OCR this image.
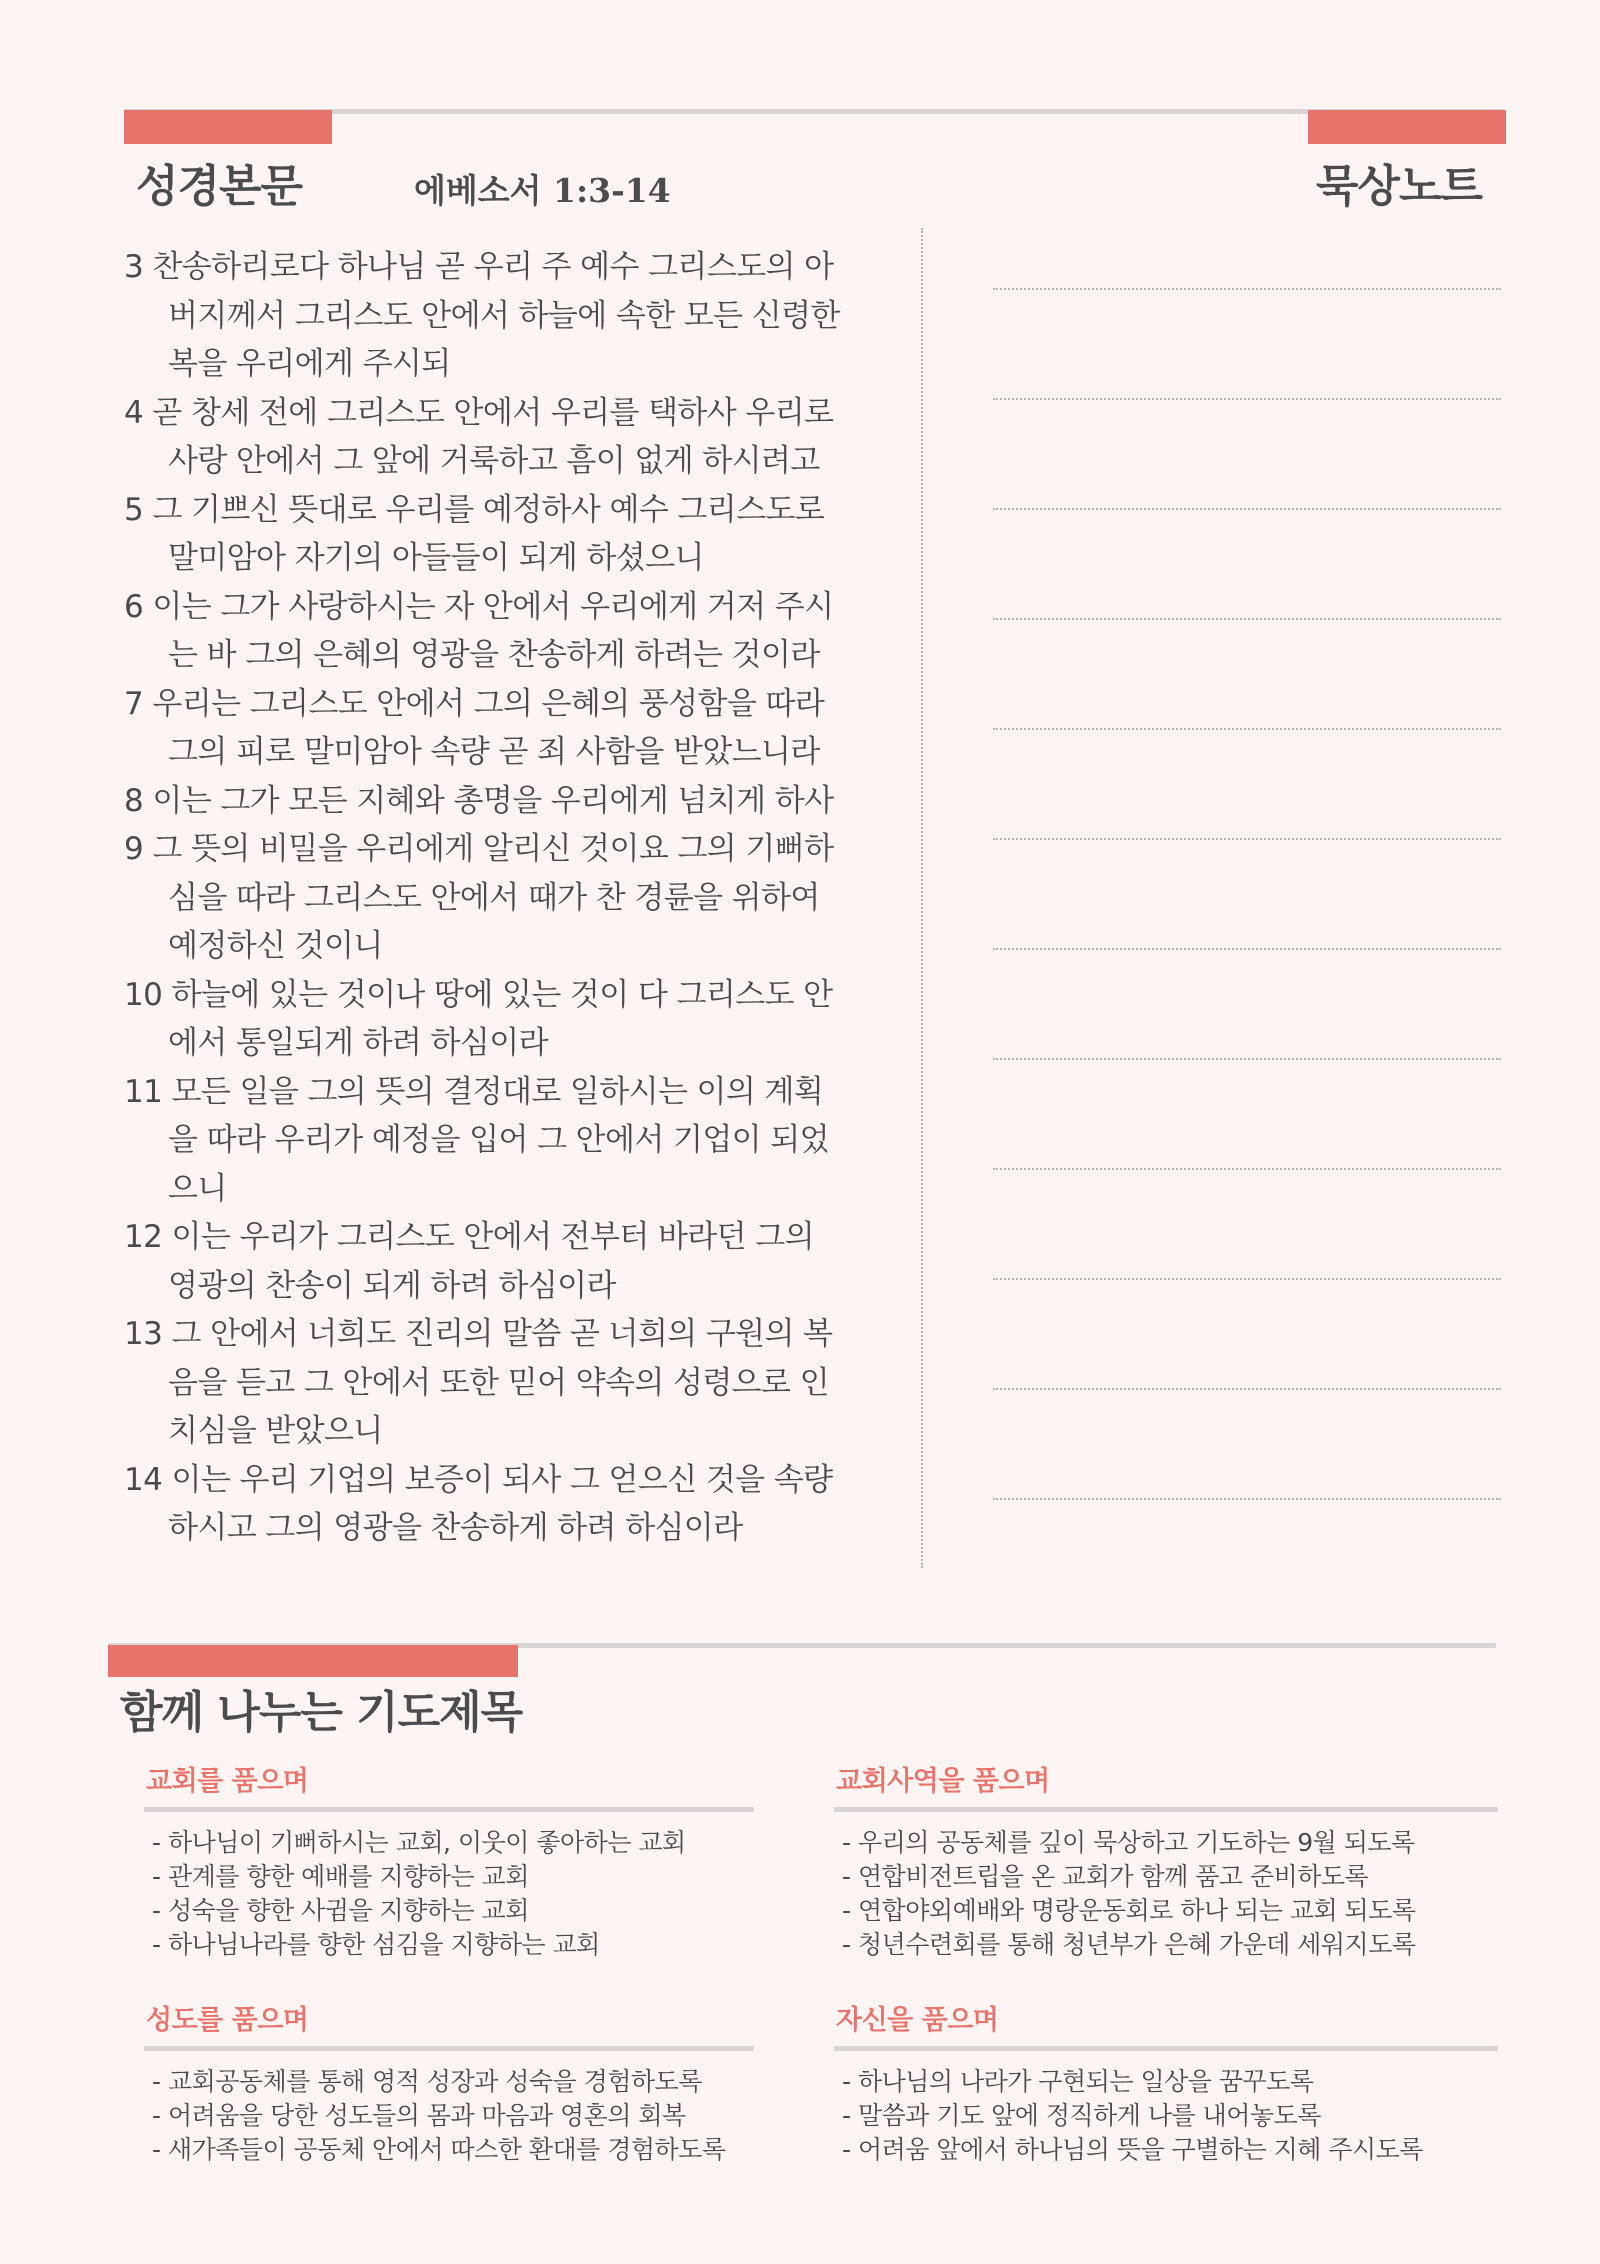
성경본문	에베소서 1:3-14	묵상노트
3 찬송하리로다 하나님 곧 우리 주 예수 그리스도의 아
버지께서 그리스도 안에서 하늘에 속한 모든 신령한
복을 우리에게 주시되
4 곧 창세 전에 그리스도 안에서 우리를 택하사 우리로
사랑 안에서 그 앞에 거룩하고 흠이 없게 하시려고
5 그 기쁘신 뜻대로 우리를 예정하사 예수 그리스도로
말미암아 자기의 아들들이 되게 하셨으니
6 이는 그가 사랑하시는 자 안에서 우리에게 거저 주시
는 바 그의 은혜의 영광을 찬송하게 하려는 것이라
7 우리는 그리스도 안에서 그의 은혜의 풍성함을 따라
그의 피로 말미암아 속량 곧 죄 사함을 받았느니라
8 이는 그가 모든 지혜와 총명을 우리에게 넘치게 하사
9 그 뜻의 비밀을 우리에게 알리신 것이요 그의 기뻐하
심을 따라 그리스도 안에서 때가 찬 경륜을 위하여
예정하신 것이니
10 하늘에 있는 것이나 땅에 있는 것이 다 그리스도 안
에서 통일되게 하려 하심이라
11 모든 일을 그의 뜻의 결정대로 일하시는 이의 계획
을 따라 우리가 예정을 입어 그 안에서 기업이 되었
으니
12 이는 우리가 그리스도 안에서 전부터 바라던 그의
영광의 찬송이 되게 하려 하심이라
13 그 안에서 너희도 진리의 말씀 곧 너희의 구원의 복
음을 듣고 그 안에서 또한 믿어 약속의 성령으로 인
치심을 받았으니
14 이는 우리 기업의 보증이 되사 그 얻으신 것을 속량
하시고 그의 영광을 찬송하게 하려 하심이라
함께 나누는 기도제목
교회를 품으며
- 하나님이 기뻐하시는 교회, 이웃이 좋아하는 교회
- 관계를 향한 예배를 지향하는 교회
- 성숙을 향한 사귐을 지향하는 교회
- 하나님나라를 향한 섬김을 지향하는 교회
교회사역을 품으며
- 우리의 공동체를 깊이 묵상하고 기도하는 9월 되도록
- 연합비전트립을 온 교회가 함께 품고 준비하도록
- 연합야외예배와 명랑운동회로 하나 되는 교회 되도록
- 청년수련회를 통해 청년부가 은혜 가운데 세워지도록
성도를 품으며
- 교회공동체를 통해 영적 성장과 성숙을 경험하도록
- 어려움을 당한 성도들의 몸과 마음과 영혼의 회복
- 새가족들이 공동체 안에서 따스한 환대를 경험하도록
자신을 품으며
- 하나님의 나라가 구현되는 일상을 꿈꾸도록
- 말씀과 기도 앞에 정직하게 나를 내어놓도록
- 어려움 앞에서 하나님의 뜻을 구별하는 지혜 주시도록
